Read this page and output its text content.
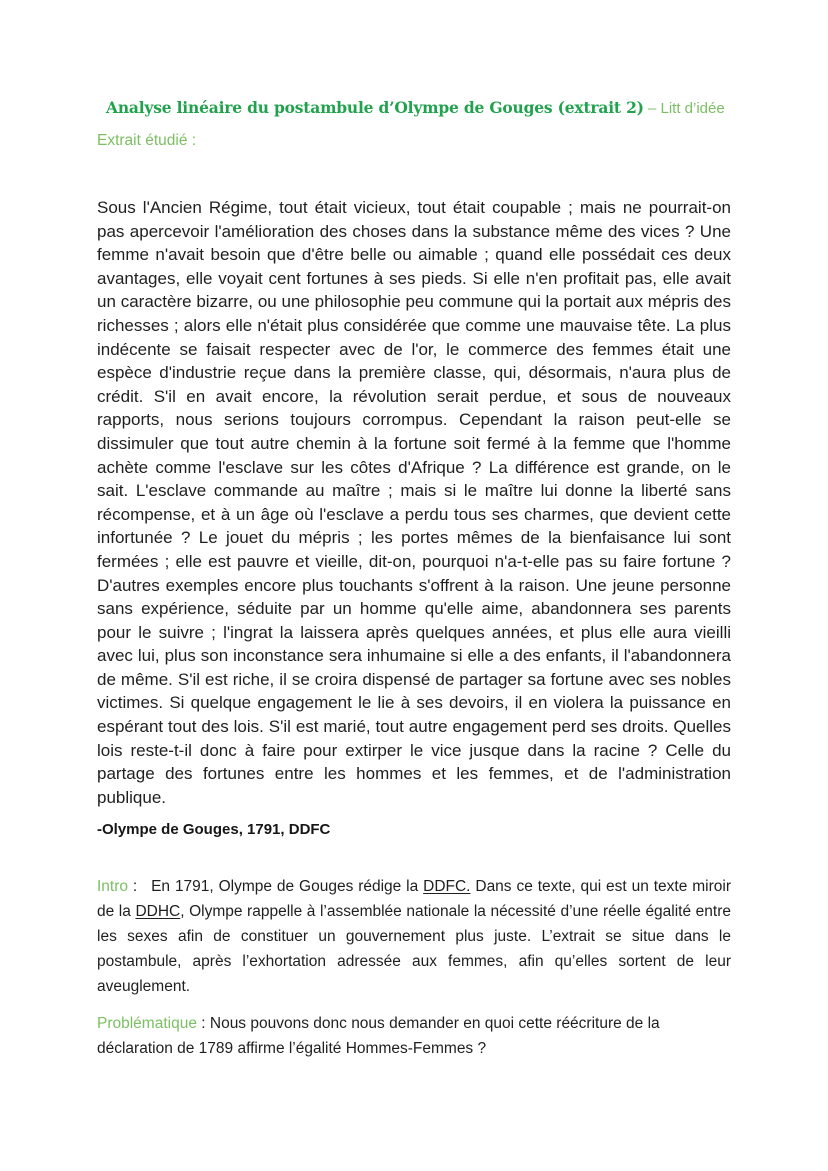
Analyse linéaire du postambule d’Olympe de Gouges (extrait 2) – Litt d’idée
Extrait étudié :

Sous l'Ancien Régime, tout était vicieux, tout était coupable ; mais ne pourrait-on pas apercevoir l'amélioration des choses dans la substance même des vices ? Une femme n'avait besoin que d'être belle ou aimable ; quand elle possédait ces deux avantages, elle voyait cent fortunes à ses pieds. Si elle n'en profitait pas, elle avait un caractère bizarre, ou une philosophie peu commune qui la portait aux mépris des richesses ; alors elle n'était plus considérée que comme une mauvaise tête. La plus indécente se faisait respecter avec de l'or, le commerce des femmes était une espèce d'industrie reçue dans la première classe, qui, désormais, n'aura plus de crédit. S'il en avait encore, la révolution serait perdue, et sous de nouveaux rapports, nous serions toujours corrompus. Cependant la raison peut-elle se dissimuler que tout autre chemin à la fortune soit fermé à la femme que l'homme achète comme l'esclave sur les côtes d'Afrique ? La différence est grande, on le sait. L'esclave commande au maître ; mais si le maître lui donne la liberté sans récompense, et à un âge où l'esclave a perdu tous ses charmes, que devient cette infortunée ? Le jouet du mépris ; les portes mêmes de la bienfaisance lui sont fermées ; elle est pauvre et vieille, dit-on, pourquoi n'a-t-elle pas su faire fortune ? D'autres exemples encore plus touchants s'offrent à la raison. Une jeune personne sans expérience, séduite par un homme qu'elle aime, abandonnera ses parents pour le suivre ; l'ingrat la laissera après quelques années, et plus elle aura vieilli avec lui, plus son inconstance sera inhumaine si elle a des enfants, il l'abandonnera de même. S'il est riche, il se croira dispensé de partager sa fortune avec ses nobles victimes. Si quelque engagement le lie à ses devoirs, il en violera la puissance en espérant tout des lois. S'il est marié, tout autre engagement perd ses droits. Quelles lois reste-t-il donc à faire pour extirper le vice jusque dans la racine ? Celle du partage des fortunes entre les hommes et les femmes, et de l'administration publique.

-Olympe de Gouges, 1791, DDFC

Intro : En 1791, Olympe de Gouges rédige la DDFC. Dans ce texte, qui est un texte miroir de la DDHC, Olympe rappelle à l’assemblée nationale la nécessité d’une réelle égalité entre les sexes afin de constituer un gouvernement plus juste. L’extrait se situe dans le postambule, après l’exhortation adressée aux femmes, afin qu’elles sortent de leur aveuglement.

Problématique : Nous pouvons donc nous demander en quoi cette réécriture de la déclaration de 1789 affirme l’égalité Hommes-Femmes ?
